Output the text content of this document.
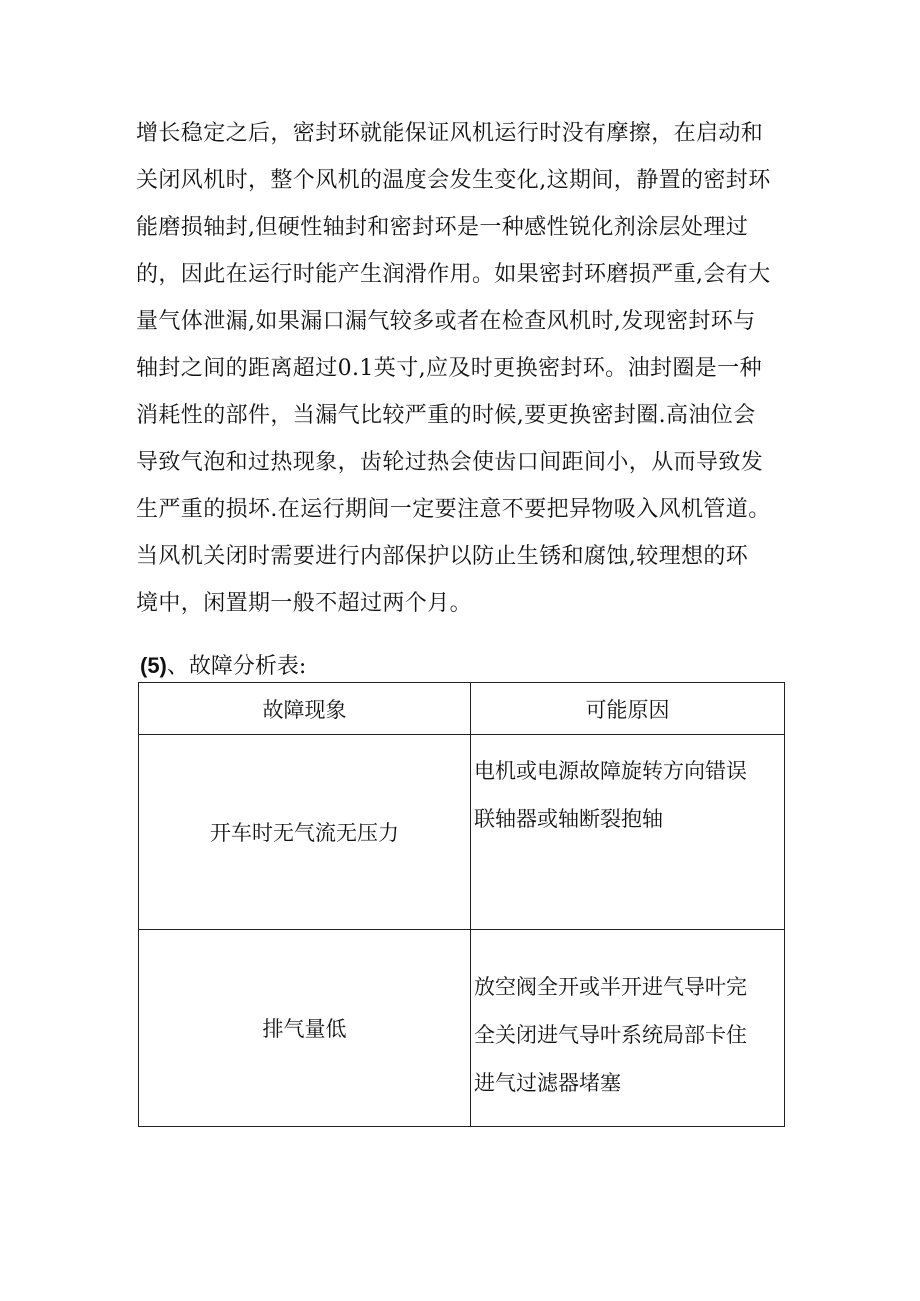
增长稳定之后，密封环就能保证风机运行时没有摩擦，在启动和
关闭风机时，整个风机的温度会发生变化,这期间，静置的密封环
能磨损轴封,但硬性轴封和密封环是一种感性锐化剂涂层处理过
的，因此在运行时能产生润滑作用。如果密封环磨损严重,会有大
量气体泄漏,如果漏口漏气较多或者在检查风机时,发现密封环与
轴封之间的距离超过0.1英寸,应及时更换密封环。油封圈是一种
消耗性的部件，当漏气比较严重的时候,要更换密封圈.高油位会
导致气泡和过热现象，齿轮过热会使齿口间距间小，从而导致发
生严重的损坏.在运行期间一定要注意不要把异物吸入风机管道。
当风机关闭时需要进行内部保护以防止生锈和腐蚀,较理想的环
境中，闲置期一般不超过两个月。
(5)、故障分析表:
故障现象	可能原因
开车时无气流无压力	电机或电源故障旋转方向错误
联轴器或轴断裂抱轴

排气量低	放空阀全开或半开进气导叶完
全关闭进气导叶系统局部卡住
进气过滤器堵塞
